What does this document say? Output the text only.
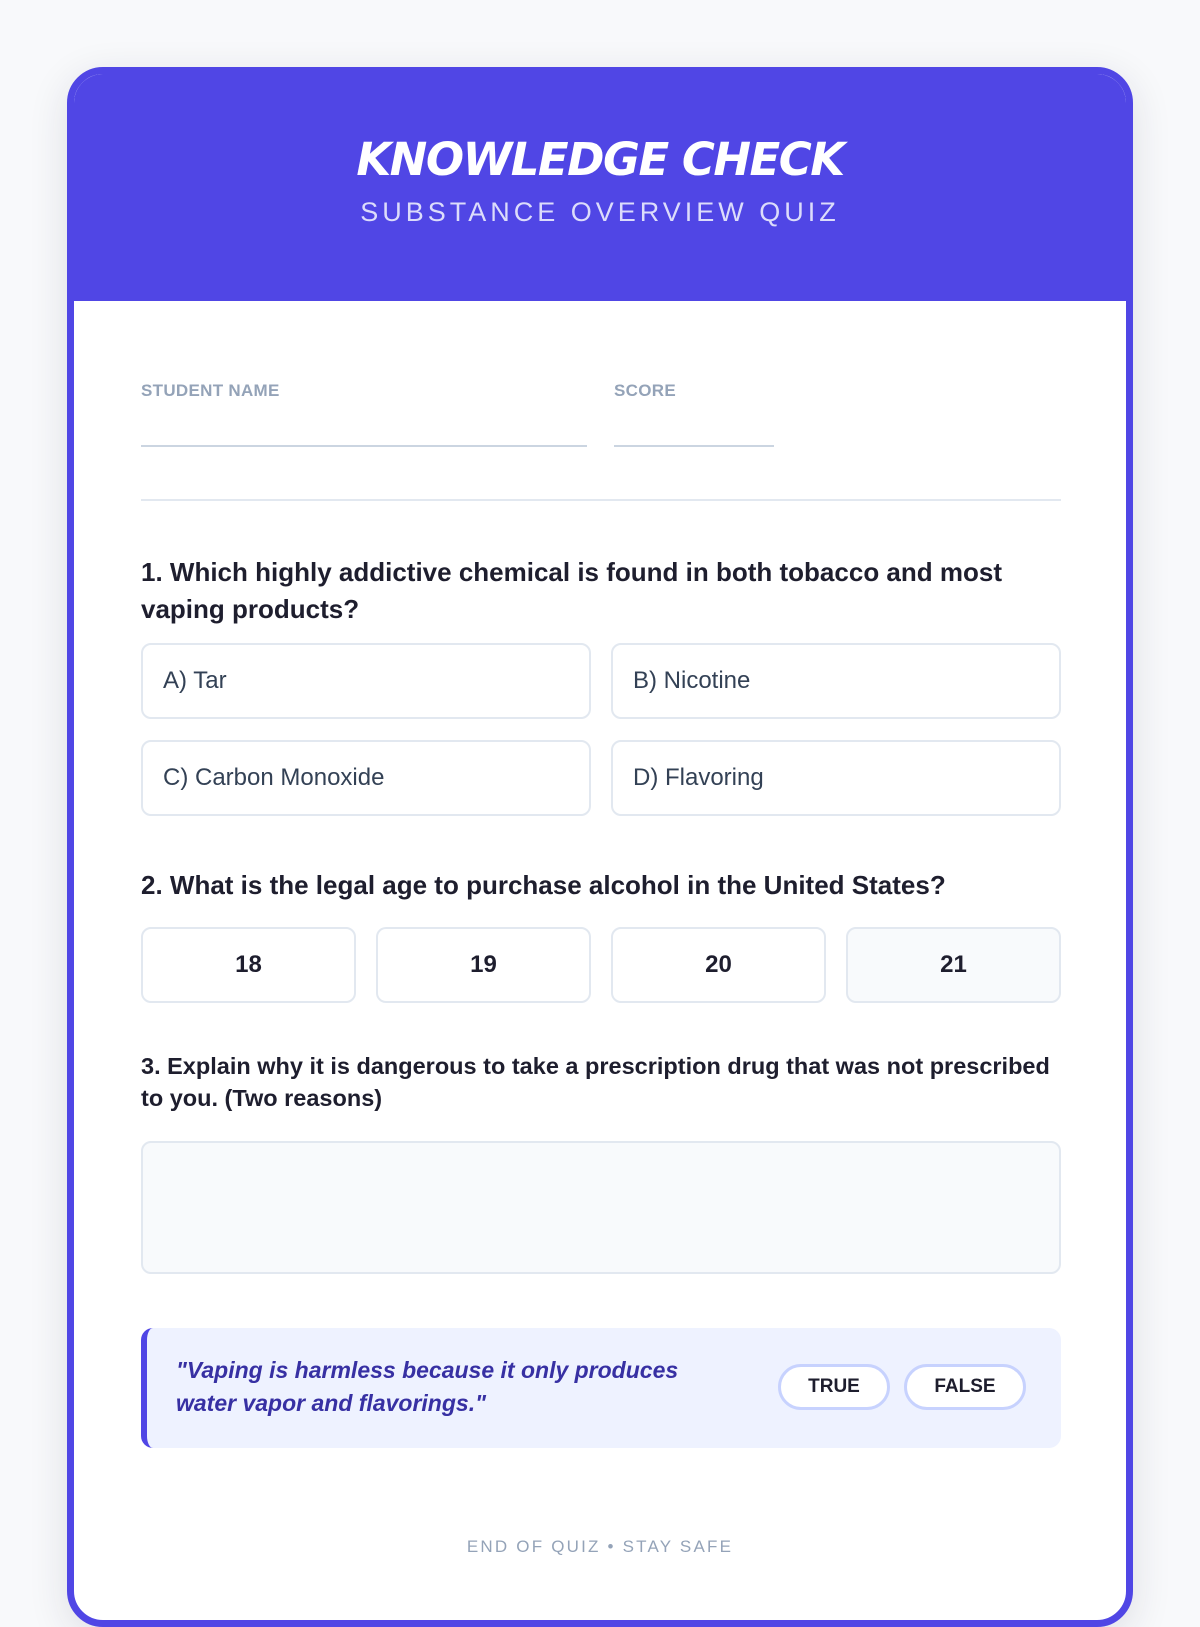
KNOWLEDGE CHECK
SUBSTANCE OVERVIEW QUIZ
STUDENT NAME	SCORE
1. Which highly addictive chemical is found in both tobacco and most vaping products?
A) Tar	B) Nicotine
C) Carbon Monoxide	D) Flavoring
2. What is the legal age to purchase alcohol in the United States?
18	19	20	21
3. Explain why it is dangerous to take a prescription drug that was not prescribed to you. (Two reasons)
"Vaping is harmless because it only produces water vapor and flavorings."
TRUE	FALSE
END OF QUIZ • STAY SAFE
